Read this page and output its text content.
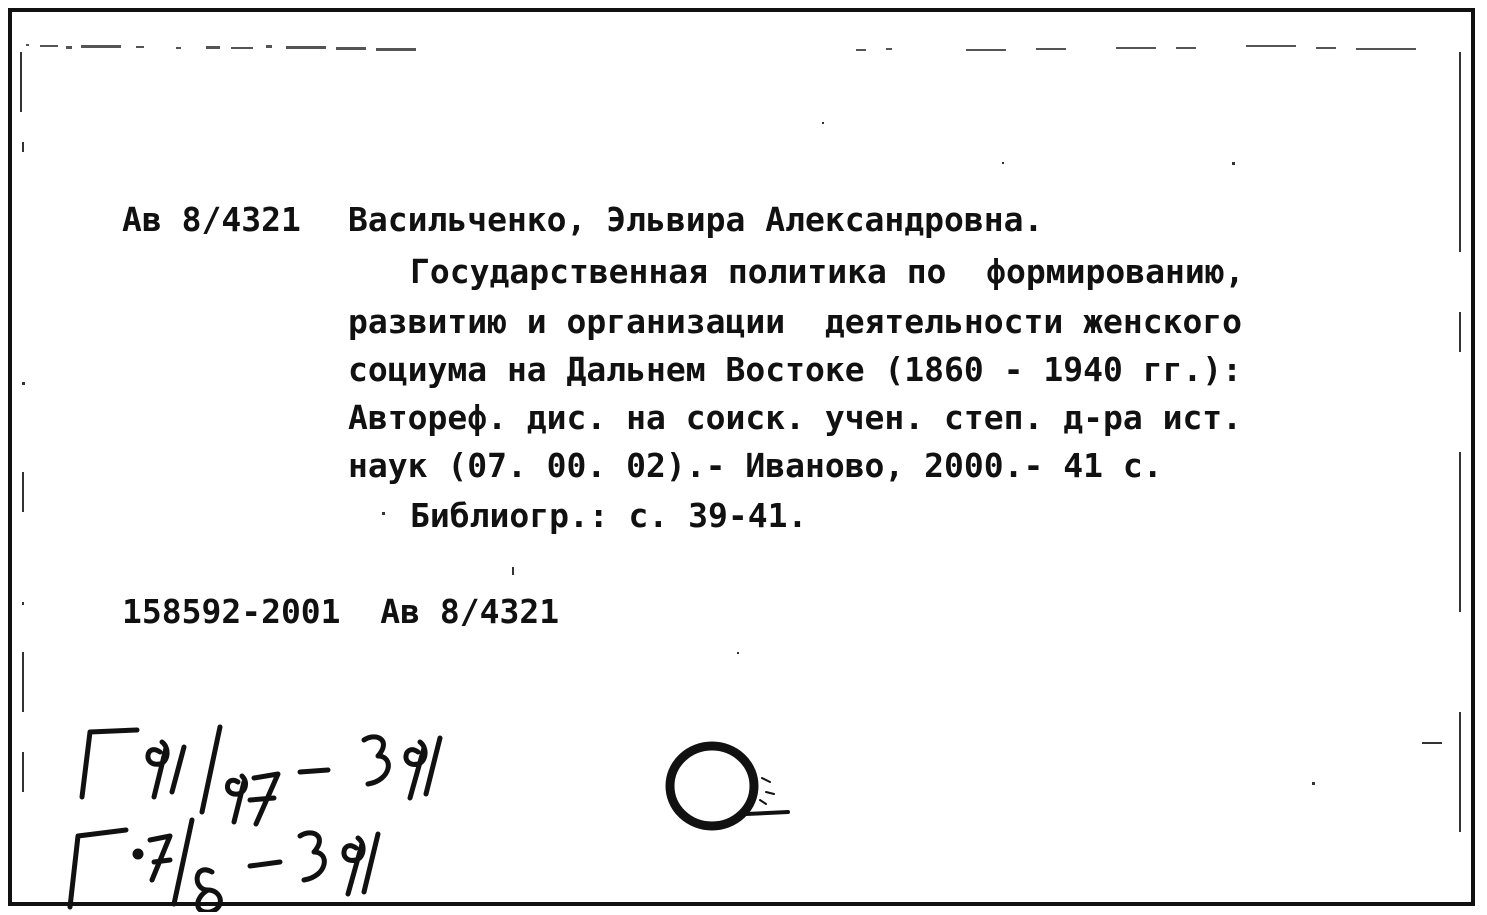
Ав 8/4321 Васильченко, Эльвира Александровна.
Государственная политика по  формированию,
развитию и организации  деятельности женского
социума на Дальнем Востоке (1860 - 1940 гг.):
Автореф. дис. на соиск. учен. степ. д-ра ист.
наук (07. 00. 02).- Иваново, 2000.- 41 с.
Библиогр.: с. 39-41.
158592-2001  Ав 8/4321
